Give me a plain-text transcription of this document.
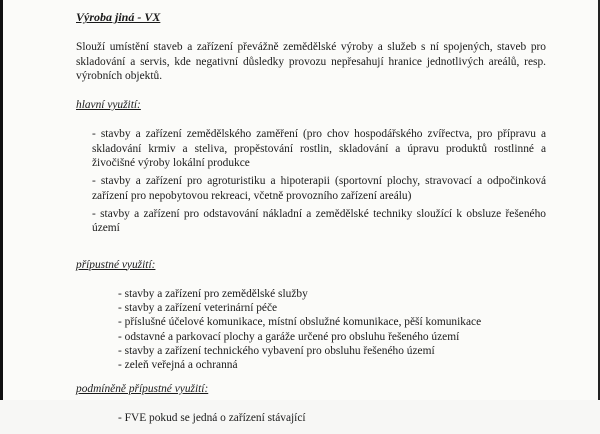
Výroba jiná - VX

Slouží umístění staveb a zařízení převážně zemědělské výroby a služeb s ní spojených, staveb pro skladování a servis, kde negativní důsledky provozu nepřesahují hranice jednotlivých areálů, resp. výrobních objektů.

hlavní využití:

- stavby a zařízení zemědělského zaměření (pro chov hospodářského zvířectva, pro přípravu a skladování krmiv a steliva, propěstování rostlin, skladování a úpravu produktů rostlinné a živočišné výroby lokální produkce

- stavby a zařízení pro agroturistiku a hipoterapii (sportovní plochy, stravovací a odpočinková zařízení pro nepobytovou rekreaci, včetně provozního zařízení areálu)

- stavby a zařízení pro odstavování nákladní a zemědělské techniky sloužící k obsluze řešeného území

přípustné využití:

- stavby a zařízení pro zemědělské služby
- stavby a zařízení veterinární péče
- příslušné účelové komunikace, místní obslužné komunikace, pěší komunikace
- odstavné a parkovací plochy a garáže určené pro obsluhu řešeného území
- stavby a zařízení technického vybavení pro obsluhu řešeného území
- zeleň veřejná a ochranná

podmíněně přípustné využití:

- FVE pokud se jedná o zařízení stávající
